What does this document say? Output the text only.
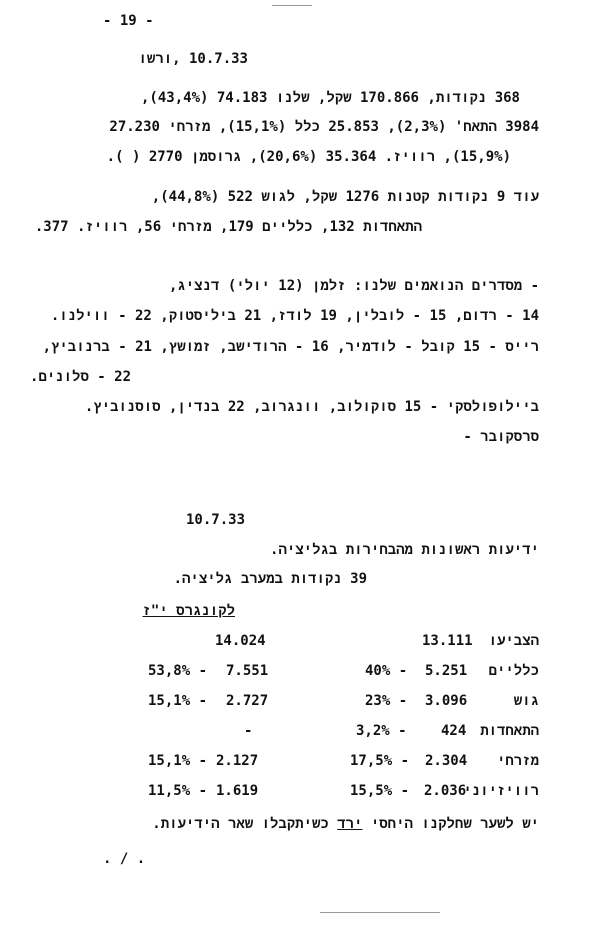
- 19 -
10.7.33 ,ורשו
368 נקודות, 170.866 שקל, שלנו 74.183 (43,4%),
3984 התאח' (2,3%), 25.853 כלל (15,1%), מזרחי 27.230
(15,9%), רוויז. 35.364 (20,6%), גרוסמן 2770 ( ).
עוד 9 נקודות קטנות 1276 שקל, לגוש 522 (44,8%),
התאחדות 132, כלליים 179, מזרחי 56, רוויז. 377.
- מסדרים הנואמים שלנו: זלמן (12 יולי) דנציג,
14 - רדום, 15 - לובלין, 19 לודז, 21 ביליסטוק, 22 - ווילנו.
רייס - 15 קובל - לודמיר, 16 - הרודישב, זמושץ, 21 - ברנוביץ,
22 - סלונים.
ביילופולסקי - 15 סוקולוב, וונגרוב, 22 בנדין, סוסנוביץ.
סרסקובר -
10.7.33
ידיעות ראשונות מהבחירות בגליציה.
39 נקודות במערב גליציה.
לקונגרס י"ז
הצביעו
13.111
14.024
כלליים
5.251
40% -
7.551
53,8% -
גוש
3.096
23% -
2.727
15,1% -
התאחדות
424
3,2% -
-
מזרחי
2.304
17,5% -
2.127
15,1% -
רוויזיוני
2.036
15,5% -
1.619
11,5% -
יש לשער שחלקנו היחסי ירד כשיתקבלו שאר הידיעות.
. / .
